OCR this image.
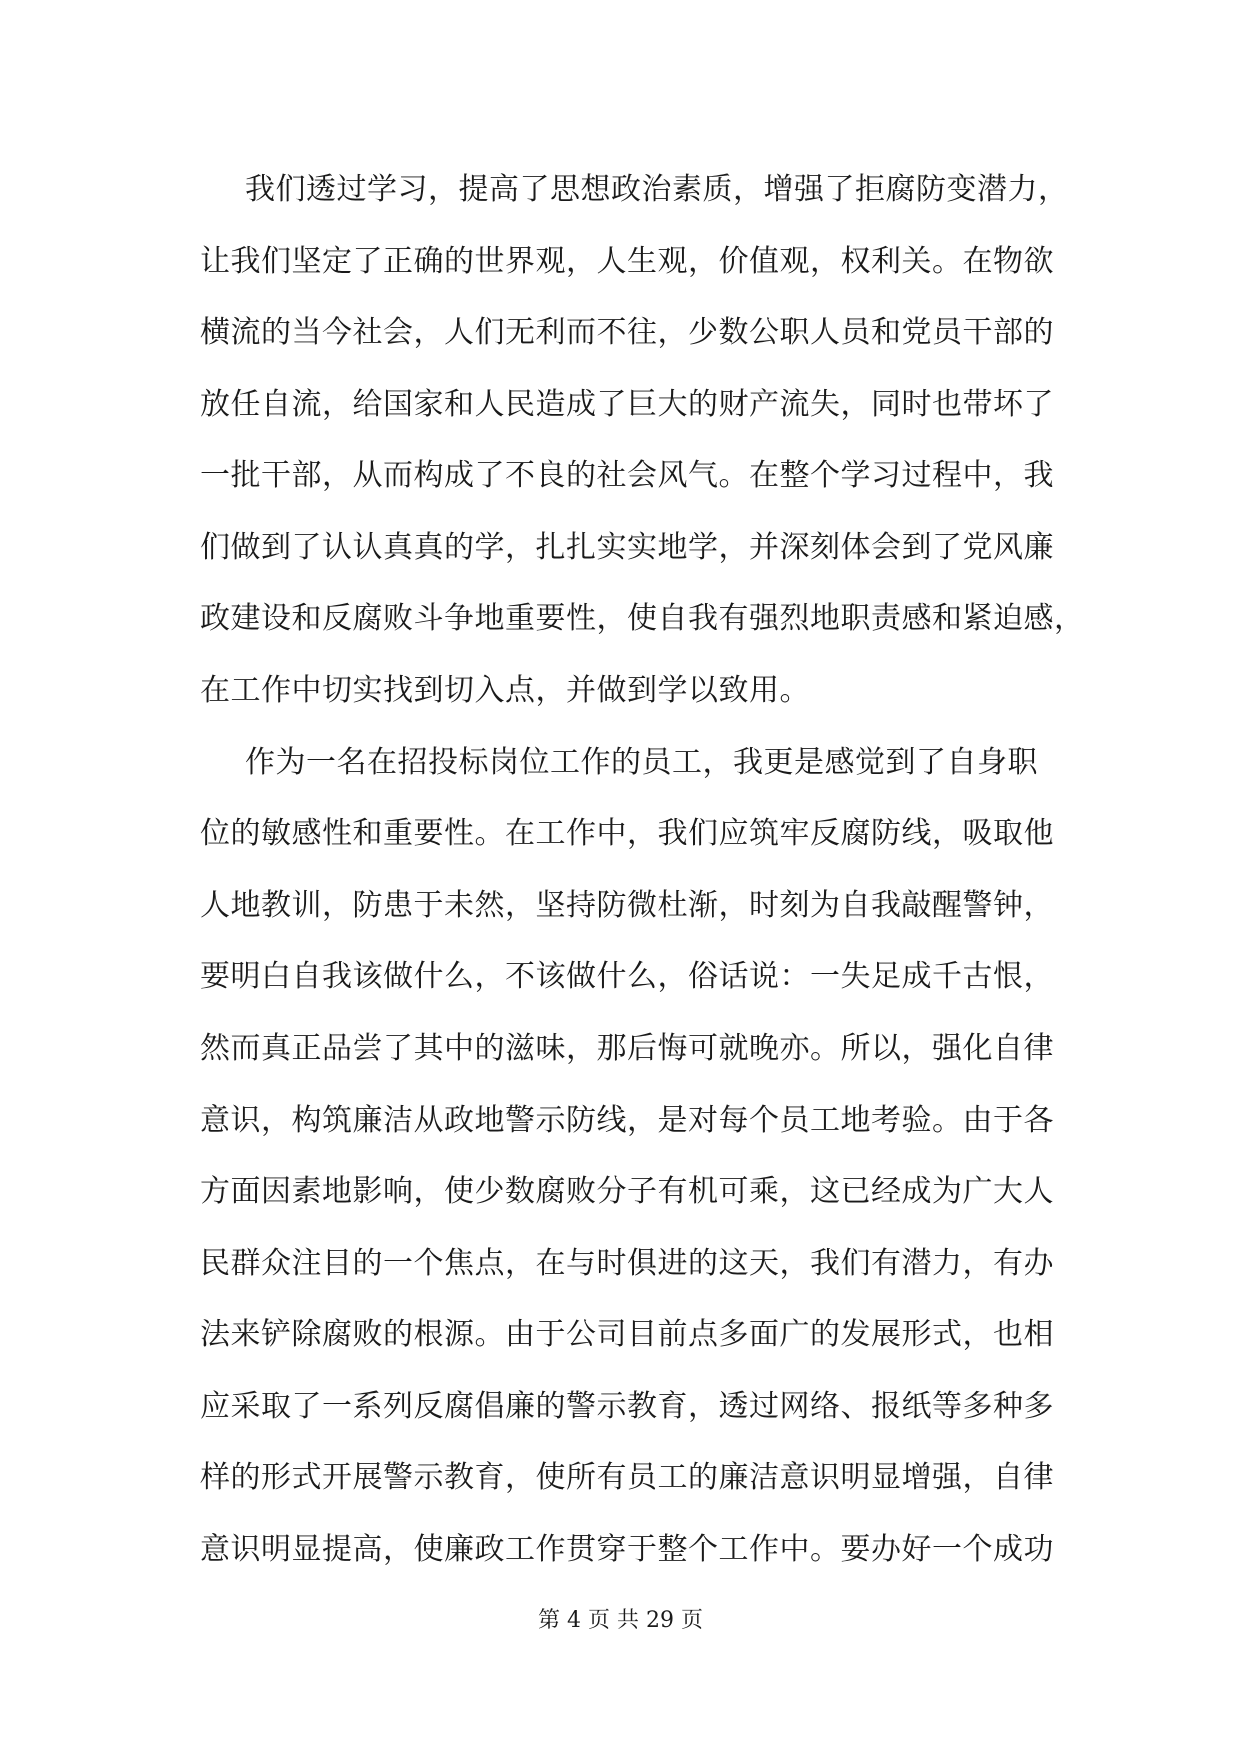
我们透过学习，提高了思想政治素质，增强了拒腐防变潜力，
让我们坚定了正确的世界观，人生观，价值观，权利关。在物欲
横流的当今社会，人们无利而不往，少数公职人员和党员干部的
放任自流，给国家和人民造成了巨大的财产流失，同时也带坏了
一批干部，从而构成了不良的社会风气。在整个学习过程中，我
们做到了认认真真的学，扎扎实实地学，并深刻体会到了党风廉
政建设和反腐败斗争地重要性，使自我有强烈地职责感和紧迫感，
在工作中切实找到切入点，并做到学以致用。
作为一名在招投标岗位工作的员工，我更是感觉到了自身职
位的敏感性和重要性。在工作中，我们应筑牢反腐防线，吸取他
人地教训，防患于未然，坚持防微杜渐，时刻为自我敲醒警钟，
要明白自我该做什么，不该做什么，俗话说：一失足成千古恨，
然而真正品尝了其中的滋味，那后悔可就晚亦。所以，强化自律
意识，构筑廉洁从政地警示防线，是对每个员工地考验。由于各
方面因素地影响，使少数腐败分子有机可乘，这已经成为广大人
民群众注目的一个焦点，在与时俱进的这天，我们有潜力，有办
法来铲除腐败的根源。由于公司目前点多面广的发展形式，也相
应采取了一系列反腐倡廉的警示教育，透过网络、报纸等多种多
样的形式开展警示教育，使所有员工的廉洁意识明显增强，自律
意识明显提高，使廉政工作贯穿于整个工作中。要办好一个成功
第 4 页 共 29 页
